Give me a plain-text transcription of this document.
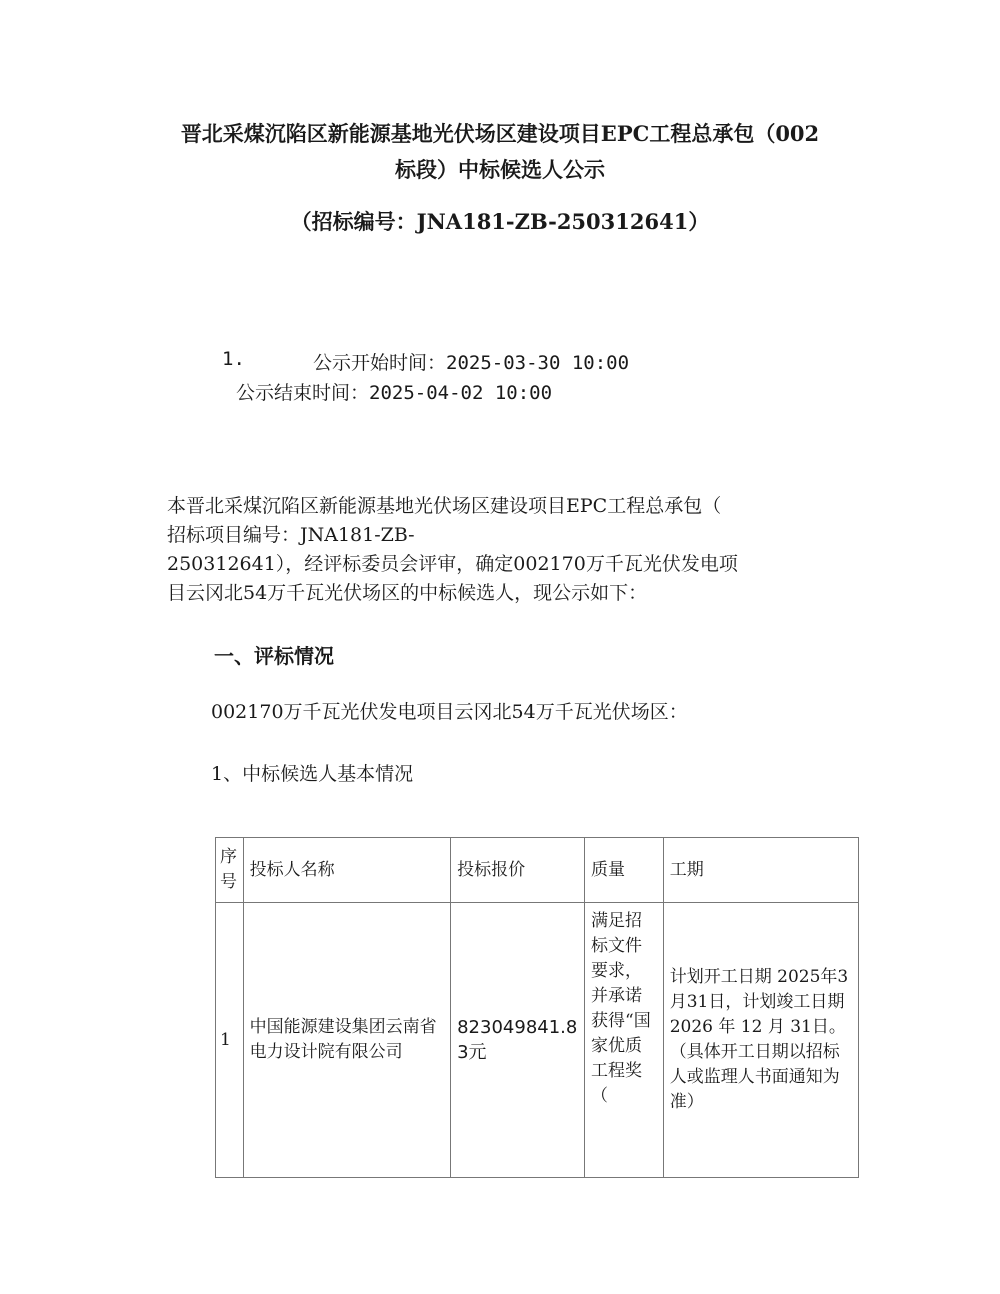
晋北采煤沉陷区新能源基地光伏场区建设项目EPC工程总承包（002
标段）中标候选人公示
（招标编号：JNA181-ZB-250312641）
1.	公示开始时间：2025-03-30 10:00
公示结束时间：2025-04-02 10:00
本晋北采煤沉陷区新能源基地光伏场区建设项目EPC工程总承包（
招标项目编号：JNA181-ZB-
250312641），经评标委员会评审，确定002170万千瓦光伏发电项
目云冈北54万千瓦光伏场区的中标候选人，现公示如下：
一、评标情况
002170万千瓦光伏发电项目云冈北54万千瓦光伏场区：
1、中标候选人基本情况
序号	投标人名称	投标报价	质量	工期
1	中国能源建设集团云南省电力设计院有限公司	823049841.83元	满足招标文件要求，并承诺获得“国家优质工程奖（	计划开工日期 2025年3月31日，计划竣工日期 2026 年 12 月 31日。（具体开工日期以招标人或监理人书面通知为准）
